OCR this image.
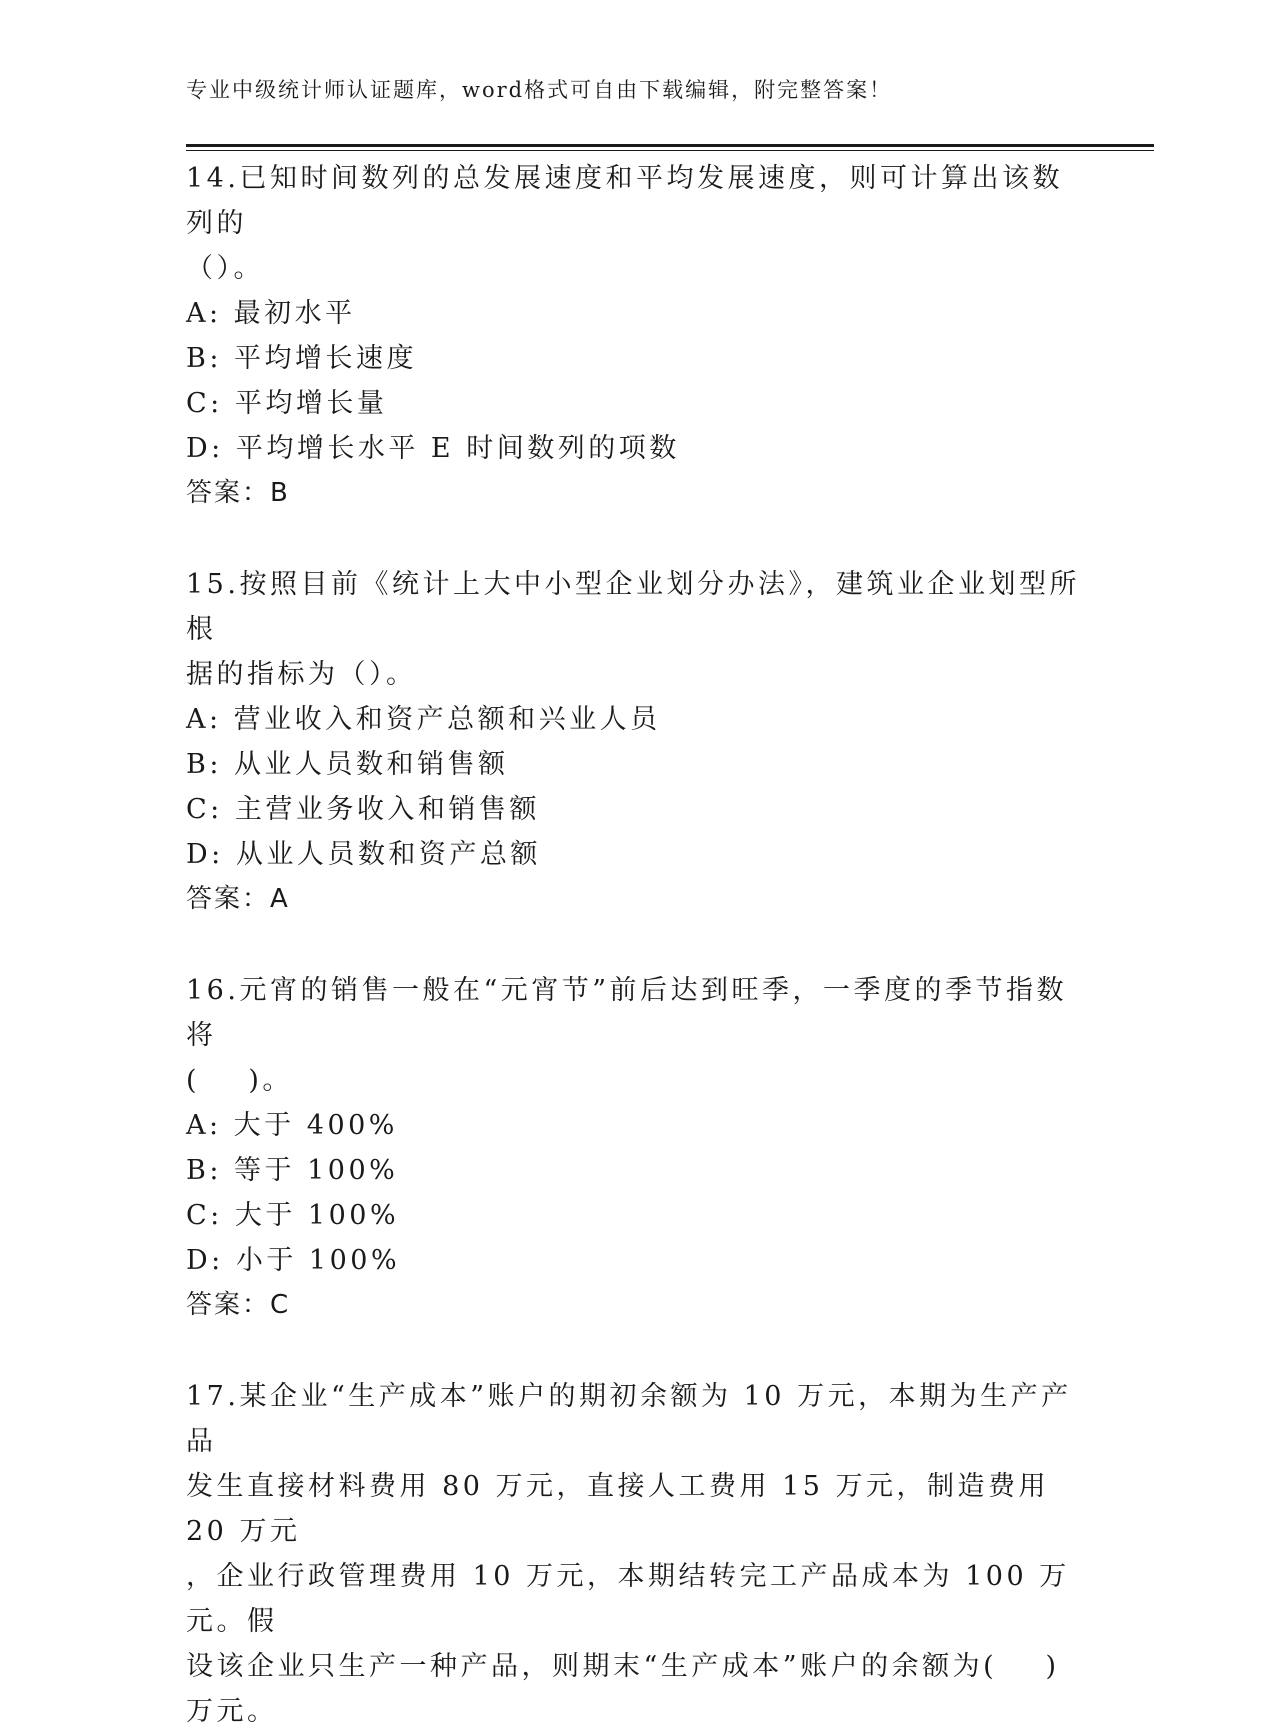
专业中级统计师认证题库，word格式可自由下载编辑，附完整答案！

14.已知时间数列的总发展速度和平均发展速度，则可计算出该数列的

（）。

A: 最初水平

B: 平均增长速度

C: 平均增长量

D: 平均增长水平 E 时间数列的项数

答案：B

15.按照目前《统计上大中小型企业划分办法》，建筑业企业划型所根

据的指标为（）。

A: 营业收入和资产总额和兴业人员

B: 从业人员数和销售额

C: 主营业务收入和销售额

D: 从业人员数和资产总额

答案：A

16.元宵的销售一般在“元宵节”前后达到旺季，一季度的季节指数将

(    )。

A: 大于 400%

B: 等于 100%

C: 大于 100%

D: 小于 100%

答案：C

17.某企业“生产成本”账户的期初余额为 10 万元，本期为生产产品

发生直接材料费用 80 万元，直接人工费用 15 万元，制造费用 20 万元

，企业行政管理费用 10 万元，本期结转完工产品成本为 100 万元。假

设该企业只生产一种产品，则期末“生产成本”账户的余额为(    )

万元。
